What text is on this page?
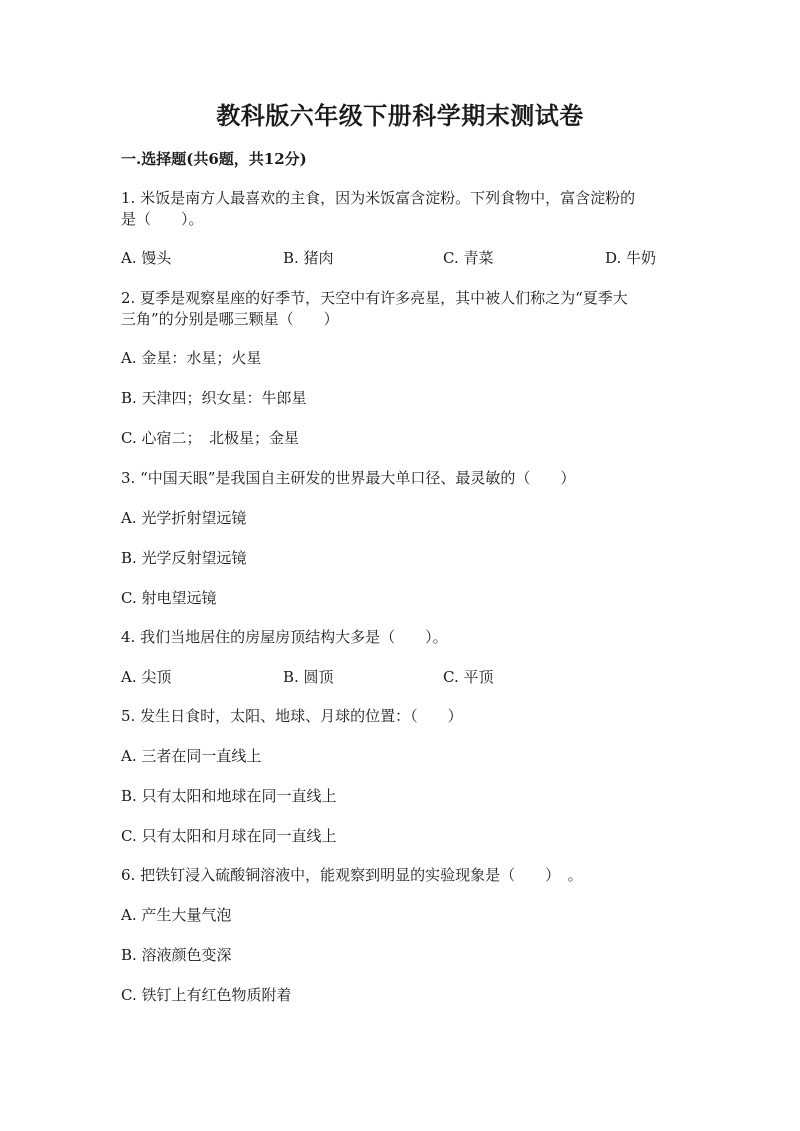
教科版六年级下册科学期末测试卷
一.选择题(共6题，共12分)
1. 米饭是南方人最喜欢的主食，因为米饭富含淀粉。下列食物中，富含淀粉的
是（　　）。
A. 馒头	B. 猪肉	C. 青菜	D. 牛奶
2. 夏季是观察星座的好季节，天空中有许多亮星，其中被人们称之为“夏季大
三角”的分别是哪三颗星（　　）
A. 金星：水星；火星
B. 天津四；织女星：牛郎星
C. 心宿二；　北极星；金星
3. “中国天眼”是我国自主研发的世界最大单口径、最灵敏的（　　）
A. 光学折射望远镜
B. 光学反射望远镜
C. 射电望远镜
4. 我们当地居住的房屋房顶结构大多是（　　）。
A. 尖顶	B. 圆顶	C. 平顶
5. 发生日食时，太阳、地球、月球的位置：（　　）
A. 三者在同一直线上
B. 只有太阳和地球在同一直线上
C. 只有太阳和月球在同一直线上
6. 把铁钉浸入硫酸铜溶液中，能观察到明显的实验现象是（　　）　。
A. 产生大量气泡
B. 溶液颜色变深
C. 铁钉上有红色物质附着
